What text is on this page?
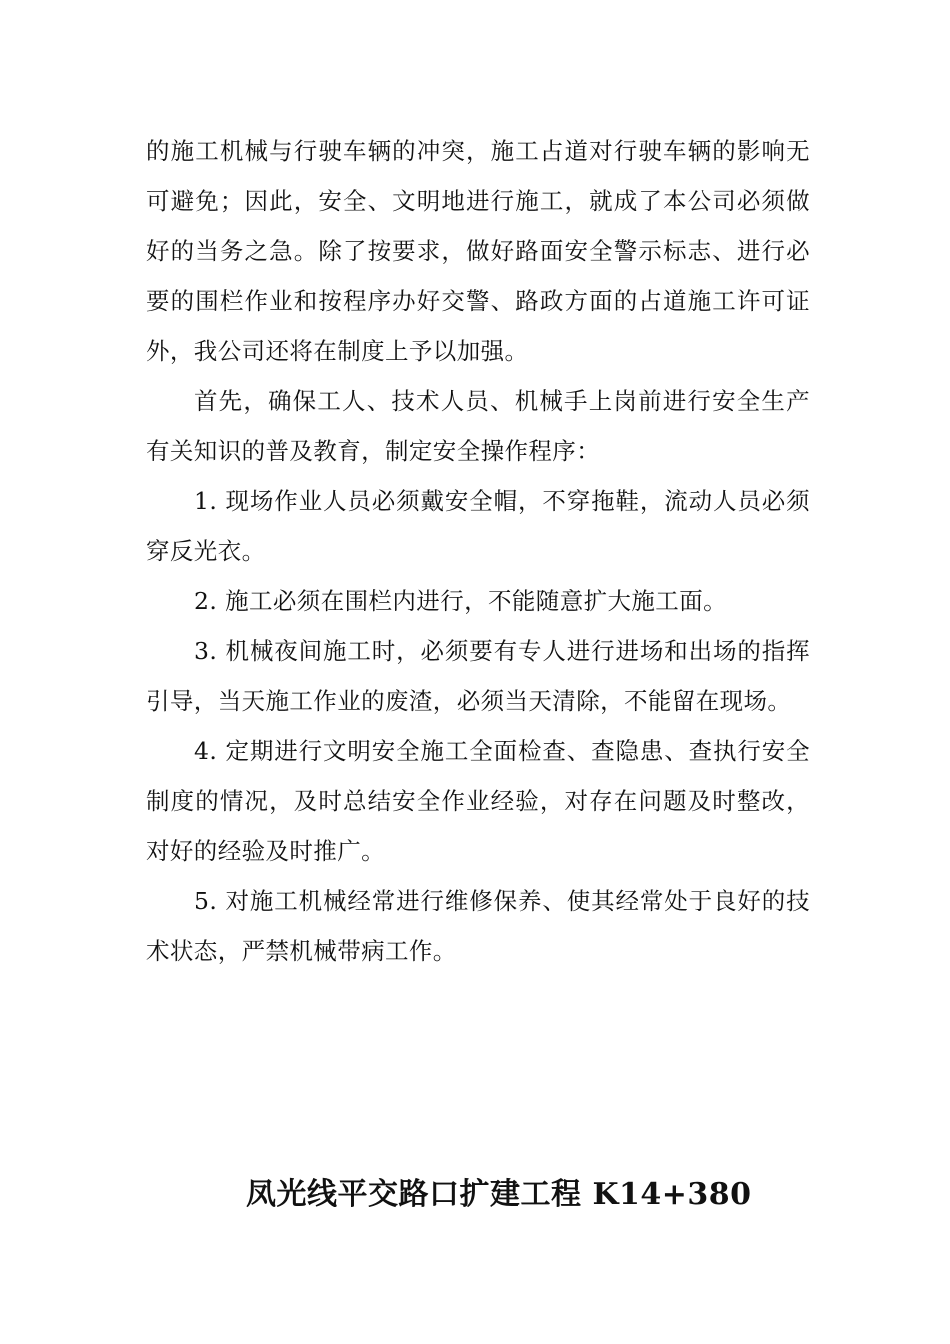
的施工机械与行驶车辆的冲突，施工占道对行驶车辆的影响无可避免；因此，安全、文明地进行施工，就成了本公司必须做好的当务之急。除了按要求，做好路面安全警示标志、进行必要的围栏作业和按程序办好交警、路政方面的占道施工许可证外，我公司还将在制度上予以加强。

首先，确保工人、技术人员、机械手上岗前进行安全生产有关知识的普及教育，制定安全操作程序：

1. 现场作业人员必须戴安全帽，不穿拖鞋，流动人员必须穿反光衣。

2. 施工必须在围栏内进行，不能随意扩大施工面。

3. 机械夜间施工时，必须要有专人进行进场和出场的指挥引导，当天施工作业的废渣，必须当天清除，不能留在现场。

4. 定期进行文明安全施工全面检查、查隐患、查执行安全制度的情况，及时总结安全作业经验，对存在问题及时整改，对好的经验及时推广。

5. 对施工机械经常进行维修保养、使其经常处于良好的技术状态，严禁机械带病工作。

凤光线平交路口扩建工程 K14+380
